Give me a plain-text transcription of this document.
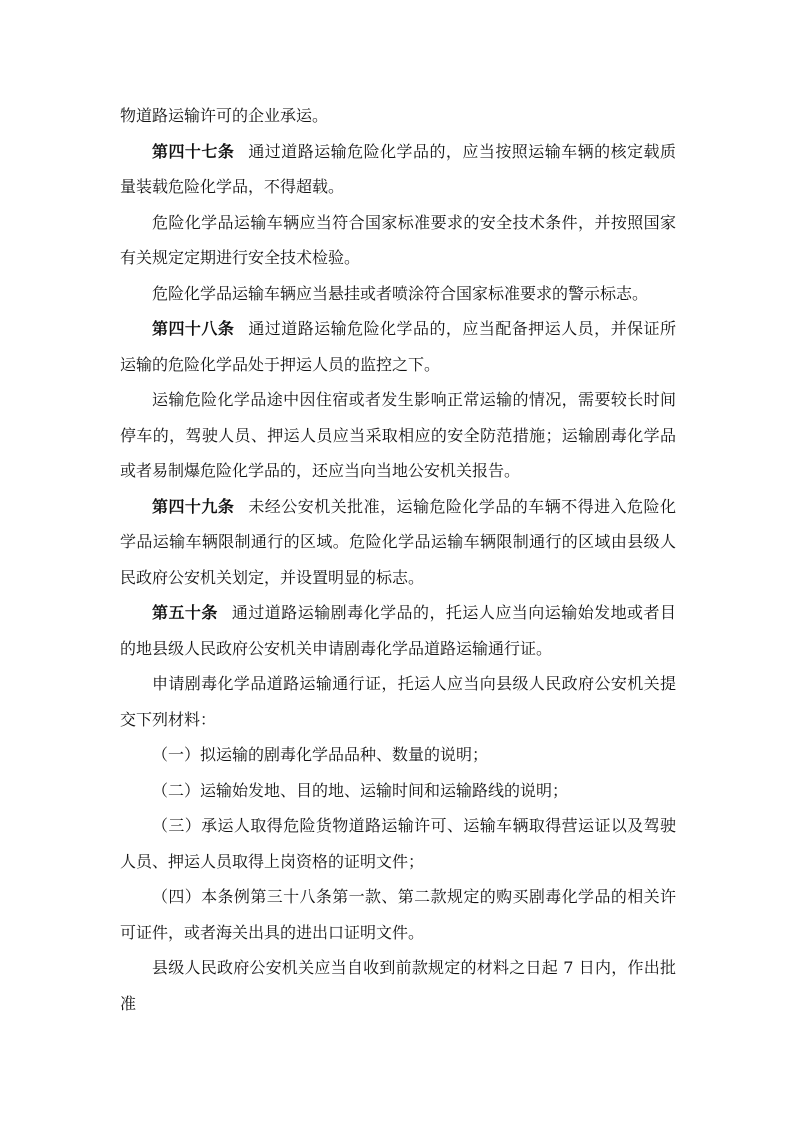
物道路运输许可的企业承运。

第四十七条 通过道路运输危险化学品的，应当按照运输车辆的核定载质量装载危险化学品，不得超载。

危险化学品运输车辆应当符合国家标准要求的安全技术条件，并按照国家有关规定定期进行安全技术检验。

危险化学品运输车辆应当悬挂或者喷涂符合国家标准要求的警示标志。

第四十八条 通过道路运输危险化学品的，应当配备押运人员，并保证所运输的危险化学品处于押运人员的监控之下。

运输危险化学品途中因住宿或者发生影响正常运输的情况，需要较长时间停车的，驾驶人员、押运人员应当采取相应的安全防范措施；运输剧毒化学品或者易制爆危险化学品的，还应当向当地公安机关报告。

第四十九条 未经公安机关批准，运输危险化学品的车辆不得进入危险化学品运输车辆限制通行的区域。危险化学品运输车辆限制通行的区域由县级人民政府公安机关划定，并设置明显的标志。

第五十条 通过道路运输剧毒化学品的，托运人应当向运输始发地或者目的地县级人民政府公安机关申请剧毒化学品道路运输通行证。

申请剧毒化学品道路运输通行证，托运人应当向县级人民政府公安机关提交下列材料：

（一）拟运输的剧毒化学品品种、数量的说明；

（二）运输始发地、目的地、运输时间和运输路线的说明；

（三）承运人取得危险货物道路运输许可、运输车辆取得营运证以及驾驶人员、押运人员取得上岗资格的证明文件；

（四）本条例第三十八条第一款、第二款规定的购买剧毒化学品的相关许可证件，或者海关出具的进出口证明文件。

县级人民政府公安机关应当自收到前款规定的材料之日起 7 日内，作出批准
